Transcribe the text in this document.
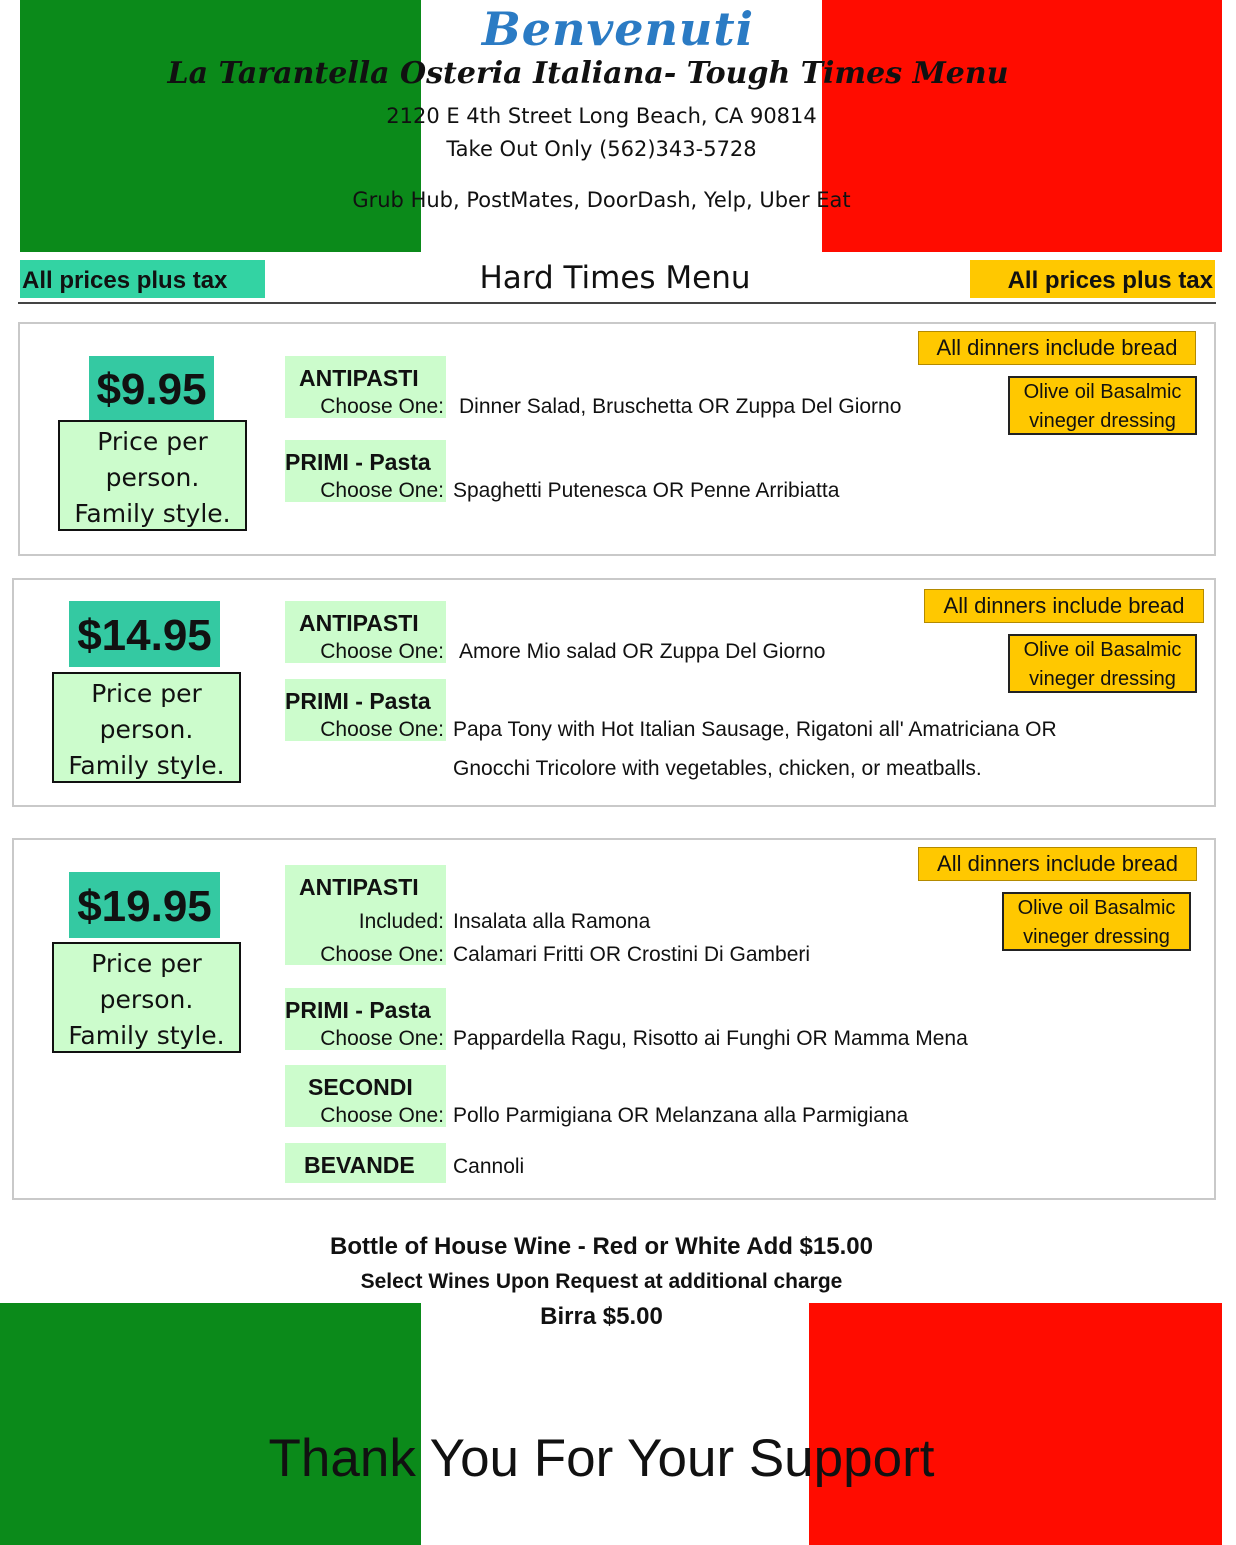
Benvenuti
La Tarantella Osteria Italiana- Tough Times Menu
2120 E 4th Street Long Beach, CA 90814
Take Out Only (562)343-5728
Grub Hub, PostMates, DoorDash, Yelp, Uber Eat
All prices plus tax	Hard Times Menu	All prices plus tax
$9.95
Price per
person.
Family style.
ANTIPASTI
Choose One: Dinner Salad, Bruschetta OR Zuppa Del Giorno
PRIMI - Pasta
Choose One: Spaghetti Putenesca OR Penne Arribiatta
All dinners include bread
Olive oil Basalmic
vineger dressing
$14.95
Price per
person.
Family style.
ANTIPASTI
Choose One: Amore Mio salad OR Zuppa Del Giorno
PRIMI - Pasta
Choose One: Papa Tony with Hot Italian Sausage, Rigatoni all' Amatriciana OR
Gnocchi Tricolore with vegetables, chicken, or meatballs.
All dinners include bread
Olive oil Basalmic
vineger dressing
$19.95
Price per
person.
Family style.
ANTIPASTI
Included: Insalata alla Ramona
Choose One: Calamari Fritti OR Crostini Di Gamberi
PRIMI - Pasta
Choose One: Pappardella Ragu, Risotto ai Funghi OR Mamma Mena
SECONDI
Choose One: Pollo Parmigiana OR Melanzana alla Parmigiana
BEVANDE Cannoli
All dinners include bread
Olive oil Basalmic
vineger dressing
Bottle of House Wine - Red or White Add $15.00
Select Wines Upon Request at additional charge
Birra $5.00
Thank You For Your Support
